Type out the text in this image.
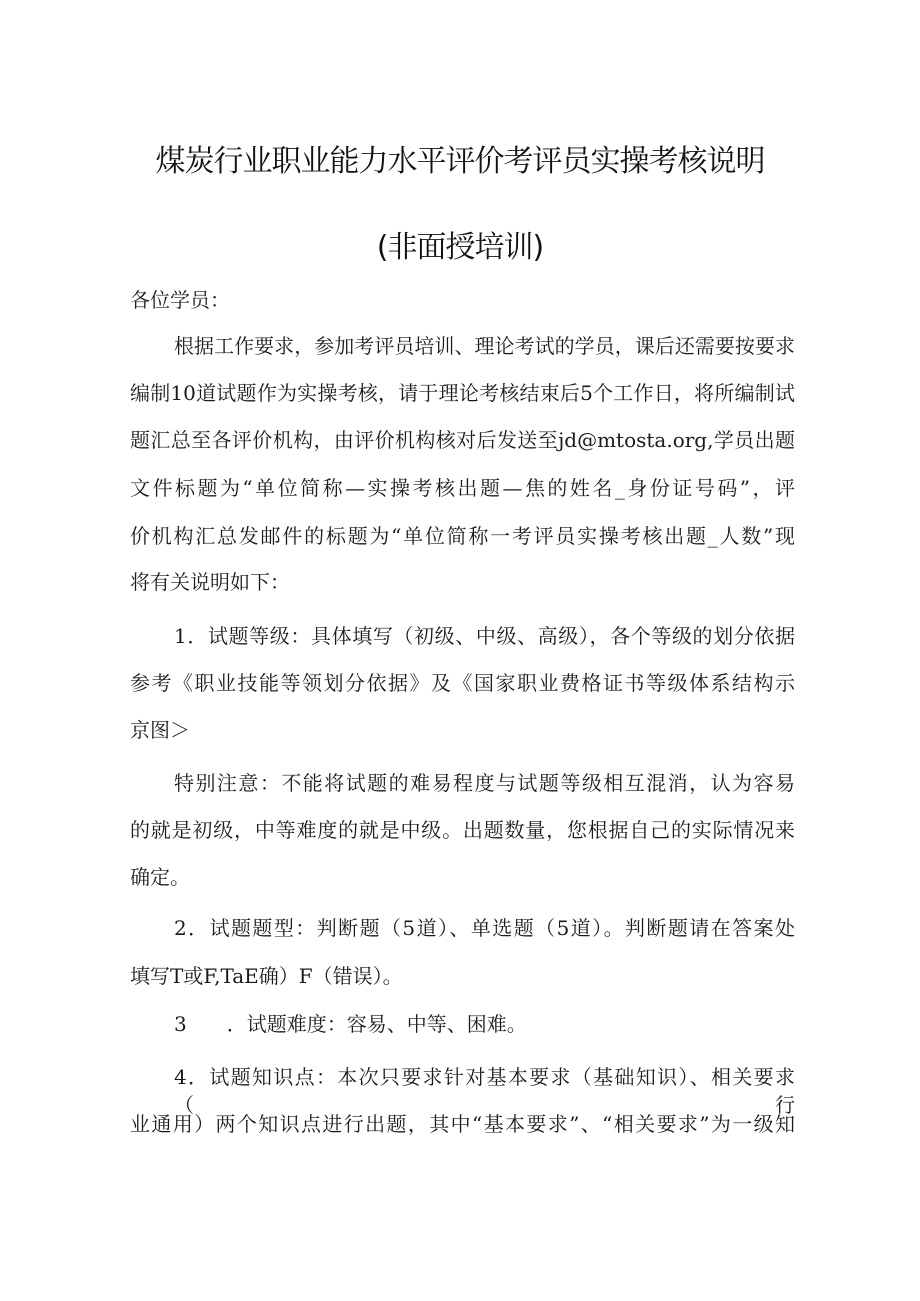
煤炭行业职业能力水平评价考评员实操考核说明
(非面授培训)
各位学员：
根据工作要求，参加考评员培训、理论考试的学员，课后还需要按要求
编制10道试题作为实操考核，请于理论考核结束后5个工作日，将所编制试
题汇总至各评价机构，由评价机构核对后发送至jd@mtosta.org,学员出题
文件标题为“单位简称—实操考核出题—焦的姓名_身份证号码”，评
价机构汇总发邮件的标题为“单位简称一考评员实操考核出题_人数”现
将有关说明如下：
1．试题等级：具体填写（初级、中级、高级），各个等级的划分依据
参考《职业技能等领划分依据》及《国家职业费格证书等级体系结构示
京图＞
特别注意：不能将试题的难易程度与试题等级相互混消，认为容易
的就是初级，中等难度的就是中级。出题数量，您根据自己的实际情况来
确定。
2．试题题型：判断题（5道）、单选题（5道）。判断题请在答案处
填写T或F,TaE确）F（错误）。
3　　．试题难度：容易、中等、困难。
4．试题知识点：本次只要求针对基本要求（基础知识）、相关要求（行
业通用）两个知识点进行出题，其中“基本要求”、“相关要求”为一级知
